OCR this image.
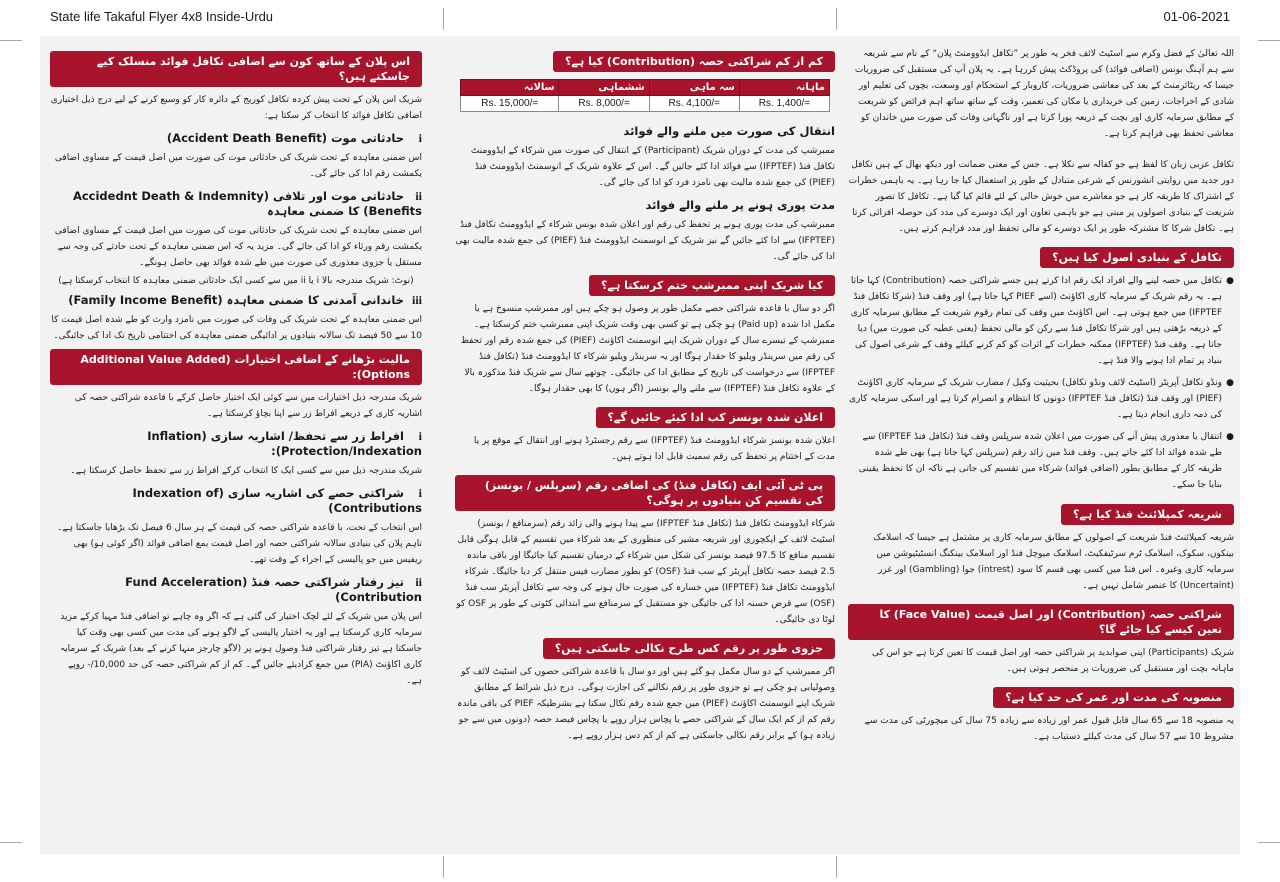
State life Takaful Flyer 4x8 Inside-Urdu	01-06-2021

اللہ تعالیٰ کے فضل وکرم سے اسٹیٹ لائف فخر یہ طور پر ”تکافل ایڈوومنٹ پلان“ کے نام سے شریعہ سے ہم آہنگ بونس (اضافی فوائد) کی پروڈکٹ پیش کررہا ہے۔ یہ پلان آپ کی مستقبل کی ضروریات جیسا کہ ریٹائرمنٹ کے بعد کی معاشی ضروریات، کاروبار کے استحکام اور وسعت، بچوں کی تعلیم اور شادی کے اخراجات، زمین کی خریداری یا مکان کی تعمیر، وقت کے ساتھ ساتھ اہم فرائض کو شریعت کے مطابق سرمایہ کاری اور بچت کے ذریعہ پورا کرتا ہے اور ناگہانی وفات کی صورت میں خاندان کو معاشی تحفظ بھی فراہم کرتا ہے۔

تکافل عربی زبان کا لفظ ہے جو کفالہ سے نکلا ہے۔ جس کے معنی ضمانت اور دیکھ بھال کے ہیں تکافل دور جدید میں روایتی انشورنس کے شرعی متبادل کے طور پر استعمال کیا جا رہا ہے۔ یہ باہمی خطرات کے اشتراک کا طریقہ کار ہے جو معاشرے میں خوش حالی کے لئے قائم کیا گیا ہے۔ تکافل کا تصور شریعت کے بنیادی اصولوں پر مبنی ہے جو باہمی تعاون اور ایک دوسرے کی مدد کی حوصلہ افزائی کرتا ہے۔ تکافل شرکا کا مشترکہ طور پر ایک دوسرے کو مالی تحفظ اور مدد فراہم کرتے ہیں۔

تکافل کے بنیادی اصول کیا ہیں؟
● تکافل میں حصہ لینے والے افراد ایک رقم ادا کرتے ہیں جسے شراکتی حصہ (Contribution) کہا جاتا ہے۔ یہ رقم شریک کے سرمایہ کاری اکاؤنٹ (اسے PIEF کہا جاتا ہے) اور وقف فنڈ (شرکا تکافل فنڈ IFPTEF) میں جمع ہوتی ہے۔ اس اکاؤنٹ میں وقف کی تمام رقوم شریعت کے مطابق سرمایہ کاری کے ذریعہ بڑھتی ہیں اور شرکا تکافل فنڈ سے رکن کو مالی تحفظ (یعنی عطیہ کی صورت میں) دیا جاتا ہے۔ وقف فنڈ (IFPTEF) ممکنہ خطرات کے اثرات کو کم کرنے کیلئے وقف کے شرعی اصول کی بنیاد پر تمام ادا ہونے والا فنڈ ہے۔
● ونڈو تکافل آپریٹر (اسٹیٹ لائف ونڈو تکافل) بحیثیت وکیل / مضارب شریک کے سرمایہ کاری اکاؤنٹ (PIEF) اور وقف فنڈ (تکافل فنڈ IFPTEF) دونوں کا انتظام و انصرام کرتا ہے اور اسکی سرمایہ کاری کی ذمہ داری انجام دیتا ہے۔
● انتقال یا معذوری پیش آنے کی صورت میں اعلان شدہ سرپلس وقف فنڈ (تکافل فنڈ IFPTEF) سے طے شدہ فوائد ادا کئے جاتے ہیں۔ وقف فنڈ میں زائد رقم (سرپلس کہا جاتا ہے) بھی طے شدہ طریقہ کار کے مطابق بطور (اضافی فوائد) شرکاء میں تقسیم کی جاتی ہے تاکہ ان کا تحفظ یقینی بنایا جا سکے۔
شریعہ کمپلائنٹ فنڈ کیا ہے؟

شریعہ کمپلائنٹ فنڈ شریعت کے اصولوں کے مطابق سرمایہ کاری پر مشتمل ہے جیسا کہ اسلامک بینکوں، سکوک، اسلامک ٹرم سرٹیفکیٹ، اسلامک میوچل فنڈ اور اسلامک بینکنگ انسٹیٹیوشن میں سرمایہ کاری وغیرہ۔ اس فنڈ میں کسی بھی قسم کا سود (intrest) جوا (Gambling) اور غرر (Uncertaint) کا عنصر شامل نہیں ہے۔

شراکتی حصہ (Contribution) اور اصل قیمت (Face Value) کا تعین کیسے کیا جائے گا؟

شریک (Participants) اپنی صوابدید پر شراکتی حصہ اور اصل قیمت کا تعین کرتا ہے جو اس کی ماہانہ بچت اور مستقبل کی ضروریات پر منحصر ہوتی ہیں۔

منصوبہ کی مدت اور عمر کی حد کیا ہے؟

یہ منصوبہ 18 سے 65 سال قابل قبول عمر اور زیادہ سے زیادہ 75 سال کی میچورٹی کی مدت سے مشروط 10 سے 57 سال کی مدت کیلئے دستیاب ہے۔

کم از کم شراکتی حصہ (Contribution) کیا ہے؟
ماہانہ	سہ ماہی	ششماہی	سالانہ
Rs. 1,400/=	Rs. 4,100/=	Rs. 8,000/=	Rs. 15,000/=
انتقال کی صورت میں ملنے والے فوائد

ممبرشپ کی مدت کے دوران شریک (Participant) کے انتقال کی صورت میں شرکاء کے ایڈوومنٹ تکافل فنڈ (IFPTEF) سے فوائد ادا کئے جائیں گے۔ اس کے علاوہ شریک کے انوسمنٹ ایڈوومنٹ فنڈ (PIEF) کی جمع شدہ مالیت بھی نامزد فرد کو ادا کی جائے گی۔

مدت پوری ہونے پر ملنے والے فوائد

ممبرشپ کی مدت پوری ہونے پر تحفظ کی رقم اور اعلان شدہ بونس شرکاء کے ایڈوومنٹ تکافل فنڈ (IFPTEF) سے ادا کئے جائیں گے نیز شریک کے انوسمنٹ ایڈوومنٹ فنڈ (PIEF) کی جمع شدہ مالیت بھی ادا کی جائے گی۔

کیا شریک اپنی ممبرشپ ختم کرسکتا ہے؟

اگر دو سال با قاعدہ شراکتی حصے مکمل طور پر وصول ہو چکے ہیں اور ممبرشپ منسوخ ہے یا مکمل ادا شدہ (Paid up) ہو چکی ہے تو کسی بھی وقت شریک اپنی ممبرشپ ختم کرسکتا ہے۔ ممبرشپ کے تیسرے سال کے دوران شریک اپنے انوسمنٹ اکاؤنٹ (PIEF) کی جمع شدہ رقم اور تحفظ کی رقم میں سرینڈر ویلیو کا حقدار ہوگا اور یہ سرینڈر ویلیو شرکاء کا ایڈوومنٹ فنڈ (تکافل فنڈ IFPTEF) سے درخواست کی تاریخ کے مطابق ادا کی جائیگی۔ چوتھے سال سے شریک فنڈ مذکورہ بالا کے علاوہ تکافل فنڈ (IFPTEF) سے ملنے والے بونسز (اگر ہوں) کا بھی حقدار ہوگا۔

اعلان شدہ بونسز کب ادا کیئے جائیں گے؟

اعلان شدہ بونسز شرکاء ایڈوومنٹ فنڈ (IFPTEF) سے رقم رجسٹرڈ ہونے اور انتقال کے موقع پر یا مدت کے اختتام پر تحفظ کی رقم سمیت قابل ادا ہوتے ہیں۔

پی ٹی آئی ایف (تکافل فنڈ) کی اضافی رقم (سرپلس / بونسز) کی تقسیم کن بنیادوں پر ہوگی؟

شرکاء ایڈوومنٹ تکافل فنڈ (تکافل فنڈ IFPTEF) سے پیدا ہونے والی زائد رقم (سرمنافع / بونسز) اسٹیٹ لائف کے ایکچوری اور شریعہ مشیر کی منظوری کے بعد شرکاء میں تقسیم کے قابل ہوگی قابل تقسیم منافع کا 97.5 فیصد بونسز کی شکل میں شرکاء کے درمیان تقسیم کیا جائیگا اور باقی ماندہ 2.5 فیصد حصہ تکافل آپریٹر کے سب فنڈ (OSF) کو بطور مضارب فیس منتقل کر دیا جائیگا۔ شرکاء ایڈوومنٹ تکافل فنڈ (IFPTEF) میں خسارہ کی صورت حال ہونے کی وجہ سے تکافل آپریٹر سب فنڈ (OSF) سے قرض حسنہ ادا کی جائیگی جو مستقبل کے سرمنافع سے ابتدائی کٹوتی کے طور پر OSF کو لوٹا دی جائیگی۔

جزوی طور پر رقم کس طرح نکالی جاسکتی ہیں؟

اگر ممبرشپ کے دو سال مکمل ہو گئے ہیں اور دو سال با قاعدہ شراکتی حصوں کی اسٹیٹ لائف کو وصولیابی ہو چکی ہے تو جزوی طور پر رقم نکالنے کی اجازت ہوگی۔ درج ذیل شرائط کے مطابق شریک اپنے انوسمنٹ اکاؤنٹ (PIEF) میں جمع شدہ رقم نکال سکتا ہے بشرطیکہ PIEF کی باقی ماندہ رقم کم از کم ایک سال کے شراکتی حصے یا پچاس ہزار روپے یا پچاس فیصد حصہ (دونوں میں سے جو زیادہ ہو) کے برابر رقم نکالی جاسکتی ہے کم از کم دس ہزار روپے ہے۔

اس پلان کے ساتھ کون سے اضافی تکافل فوائد منسلک کیے جاسکتے ہیں؟

شریک اس پلان کے تحت پیش کردہ تکافل کوریج کے دائرہ کار کو وسیع کرنے کے لیے درج ذیل اختیاری اضافی تکافل فوائد کا انتخاب کر سکتا ہے:

i حادثاتی موت (Accident Death Benefit)

اس ضمنی معاہدہ کے تحت شریک کی حادثاتی موت کی صورت میں اصل قیمت کے مساوی اضافی یکمشت رقم ادا کی جائے گی۔

ii حادثاتی موت اور تلافی (Accidednt Death & Indemnity Benefits) کا ضمنی معاہدہ

اس ضمنی معاہدہ کے تحت شریک کی حادثاتی موت کی صورت میں اصل قیمت کے مساوی اضافی یکمشت رقم ورثاء کو ادا کی جائے گی۔ مزید یہ کہ اس ضمنی معاہدہ کے تحت حادثے کی وجہ سے مستقل یا جزوی معذوری کی صورت میں طے شدہ فوائد بھی حاصل ہونگے۔

(نوٹ: شریک مندرجہ بالا i یا ii میں سے کسی ایک حادثاتی ضمنی معاہدہ کا انتخاب کرسکتا ہے)
iii خاندانی آمدنی کا ضمنی معاہدہ (Family Income Benefit)

اس ضمنی معاہدہ کے تحت شریک کی وفات کی صورت میں نامزد وارث کو طے شدہ اصل قیمت کا 10 سے 50 فیصد تک سالانہ بنیادوں پر ادائیگی ضمنی معاہدہ کی اختتامی تاریخ تک ادا کی جائیگی۔

مالیت بڑھانے کے اضافی اختیارات (Additional Value Added Options):

شریک مندرجہ ذیل اختیارات میں سے کوئی ایک اختیار حاصل کرکے با قاعدہ شراکتی حصہ کی اشاریہ کاری کے ذریعے افراط زر سے اپنا بچاؤ کرسکتا ہے۔

i افراط زر سے تحفظ/ اشاریہ سازی (Inflation Protection/Indexation):

شریک مندرجہ ذیل میں سے کسی ایک کا انتخاب کرکے افراط زر سے تحفظ حاصل کرسکتا ہے۔

i شراکتی حصے کی اشاریہ سازی (Indexation of Contributions)

اس انتخاب کے تحت، با قاعدہ شراکتی حصہ کی قیمت کے ہر سال 6 فیصل تک بڑھایا جاسکتا ہے۔ تاہم پلان کی بنیادی سالانہ شراکتی حصہ اور اصل قیمت بمع اضافی فوائد (اگر کوئی ہو) بھی ریفیس میں جو پالیسی کے اجراء کے وقت تھے۔

ii تیز رفتار شراکتی حصہ فنڈ (Fund Acceleration Contribution)

اس پلان میں شریک کے لئے لچک اختیار کی گئی ہے کہ اگر وہ چاہے تو اضافی فنڈ مہیا کرکے مزید سرمایہ کاری کرسکتا ہے اور یہ اختیار پالیسی کے لاگو ہونے کی مدت میں کسی بھی وقت کیا جاسکتا ہے تیز رفتار شراکتی فنڈ وصول ہونے پر (لاگو چارجز منہا کرنے کے بعد) شریک کے سرمایہ کاری اکاؤنٹ (PIA) میں جمع کرادیئے جائیں گے۔ کم از کم شراکتی حصہ کی حد 10,000/- روپے ہے۔
